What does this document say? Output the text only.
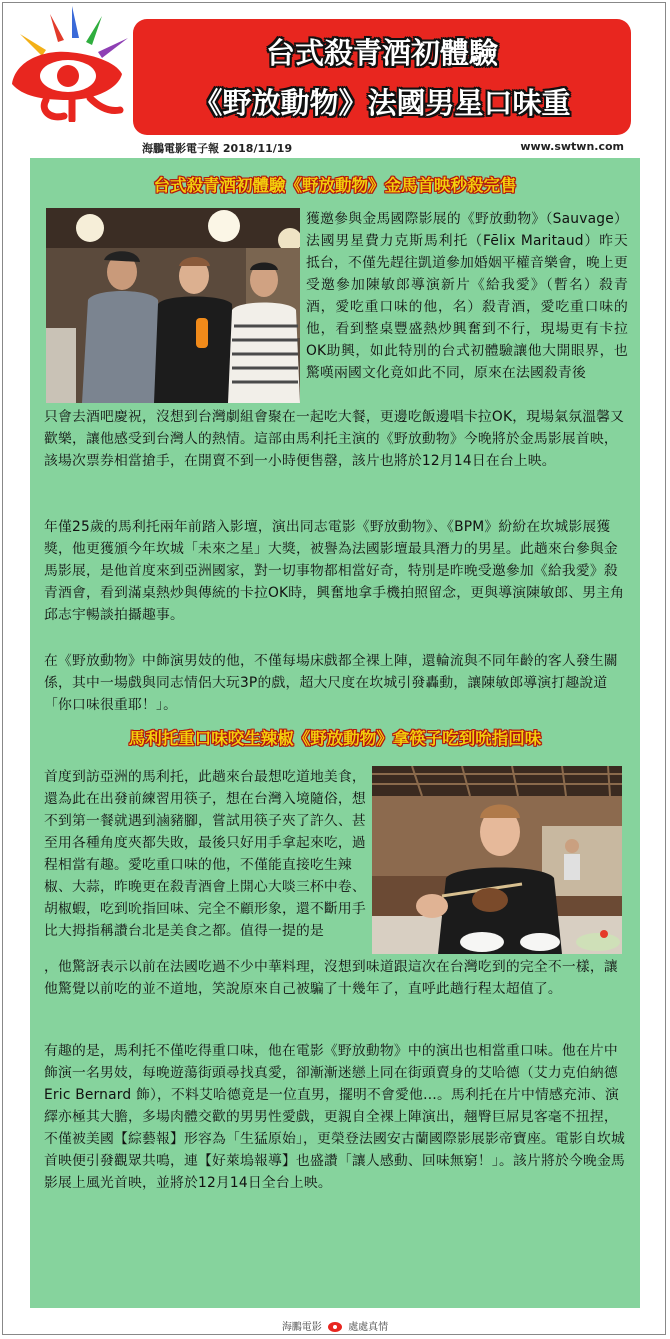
台式殺青酒初體驗
《野放動物》法國男星口味重
海鵬電影電子報 2018/11/19	www.swtwn.com
台式殺青酒初體驗《野放動物》金馬首映秒殺完售

獲邀參與金馬國際影展的《野放動物》（Sauvage）法國男星費力克斯馬利托（Fēlix Maritaud）昨天抵台，不僅先趕往凱道參加婚姻平權音樂會，晚上更受邀參加陳敏郎導演新片《給我愛》（暫名）殺青酒，愛吃重口味的他，名）殺青酒，愛吃重口味的他，看到整桌豐盛熱炒興奮到不行，現場更有卡拉OK助興，如此特別的台式初體驗讓他大開眼界，也驚嘆兩國文化竟如此不同，原來在法國殺青後

只會去酒吧慶祝，沒想到台灣劇組會聚在一起吃大餐，更邊吃飯邊唱卡拉OK，現場氣氛溫馨又歡樂，讓他感受到台灣人的熱情。這部由馬利托主演的《野放動物》今晚將於金馬影展首映，該場次票券相當搶手，在開賣不到一小時便售罄，該片也將於12月14日在台上映。

年僅25歲的馬利托兩年前踏入影壇，演出同志電影《野放動物》、《BPM》紛紛在坎城影展獲獎，他更獲頒今年坎城「未來之星」大獎，被譽為法國影壇最具潛力的男星。此趟來台參與金馬影展，是他首度來到亞洲國家，對一切事物都相當好奇，特別是昨晚受邀參加《給我愛》殺青酒會，看到滿桌熱炒與傳統的卡拉OK時，興奮地拿手機拍照留念，更與導演陳敏郎、男主角邱志宇暢談拍攝趣事。

在《野放動物》中飾演男妓的他，不僅每場床戲都全裸上陣，還輪流與不同年齡的客人發生關係，其中一場戲與同志情侶大玩3P的戲，超大尺度在坎城引發轟動，讓陳敏郎導演打趣說道「你口味很重耶！」。

馬利托重口味咬生辣椒《野放動物》拿筷子吃到吮指回味

首度到訪亞洲的馬利托，此趟來台最想吃道地美食，還為此在出發前練習用筷子，想在台灣入境隨俗，想不到第一餐就遇到滷豬腳，嘗試用筷子夾了許久、甚至用各種角度夾都失敗，最後只好用手拿起來吃，過程相當有趣。愛吃重口味的他，不僅能直接吃生辣椒、大蒜，昨晚更在殺青酒會上開心大啖三杯中卷、胡椒蝦，吃到吮指回味、完全不顧形象，還不斷用手比大拇指稱讚台北是美食之都。值得一提的是

，他驚訝表示以前在法國吃過不少中華料理，沒想到味道跟這次在台灣吃到的完全不一樣，讓他驚覺以前吃的並不道地，笑說原來自己被騙了十幾年了，直呼此趟行程太超值了。

有趣的是，馬利托不僅吃得重口味，他在電影《野放動物》中的演出也相當重口味。他在片中飾演一名男妓，每晚遊蕩街頭尋找真愛，卻漸漸迷戀上同在街頭賣身的艾哈德（艾力克伯納德 Eric Bernard 飾），不料艾哈德竟是一位直男，擺明不會愛他…。馬利托在片中情感充沛、演繹亦極其大膽，多場肉體交歡的男男性愛戲，更親自全裸上陣演出，翹臀巨屌見客毫不扭捏，不僅被美國【綜藝報】形容為「生猛原始」，更榮登法國安古蘭國際影展影帝寶座。電影自坎城首映便引發觀眾共鳴，連【好萊塢報導】也盛讚「讓人感動、回味無窮！」。該片將於今晚金馬影展上風光首映，並將於12月14日全台上映。

海鵬電影	處處真情
